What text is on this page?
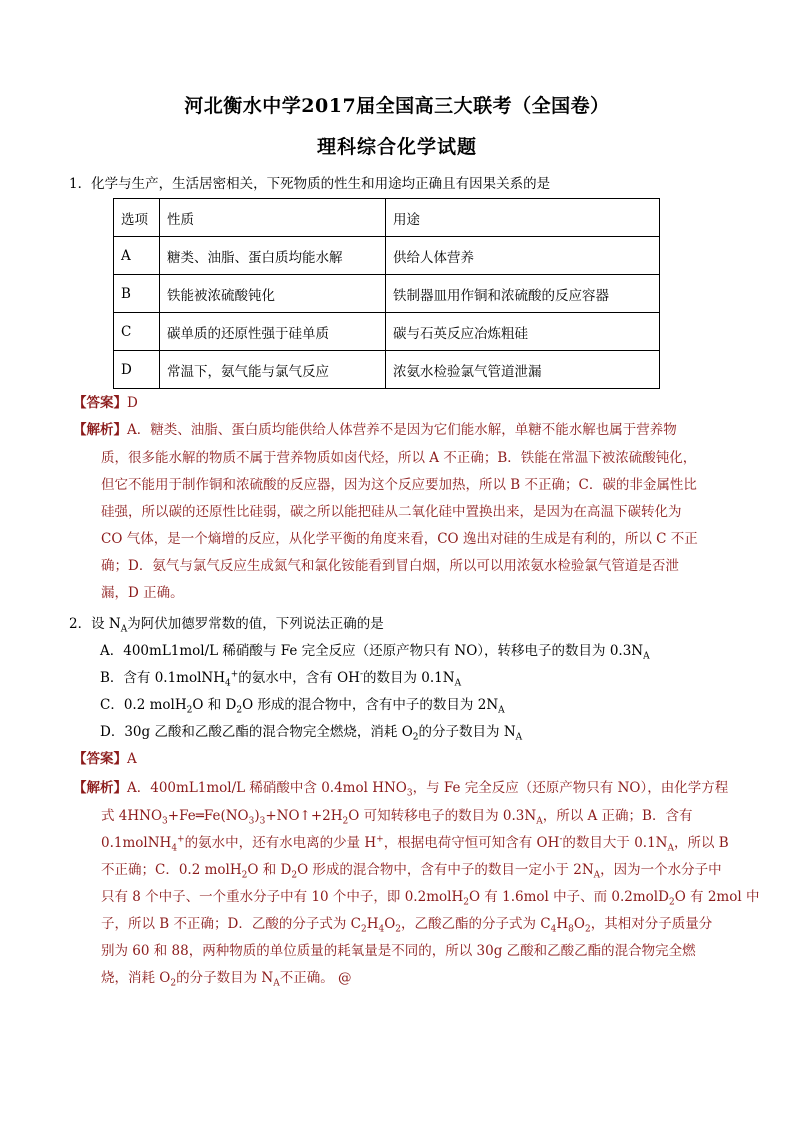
河北衡水中学2017届全国高三大联考（全国卷）
理科综合化学试题
1．化学与生产，生活居密相关，下死物质的性生和用途均正确且有因果关系的是
选项	性质	用途
A	糖类、油脂、蛋白质均能水解	供给人体营养
B	铁能被浓硫酸钝化	铁制器皿用作铜和浓硫酸的反应容器
C	碳单质的还原性强于硅单质	碳与石英反应冶炼粗硅
D	常温下，氨气能与氯气反应	浓氨水检验氯气管道泄漏
【答案】D
【解析】A．糖类、油脂、蛋白质均能供给人体营养不是因为它们能水解，单糖不能水解也属于营养物
质，很多能水解的物质不属于营养物质如卤代烃，所以 A 不正确；B．铁能在常温下被浓硫酸钝化，
但它不能用于制作铜和浓硫酸的反应器，因为这个反应要加热，所以 B 不正确；C．碳的非金属性比
硅强，所以碳的还原性比硅弱，碳之所以能把硅从二氧化硅中置换出来，是因为在高温下碳转化为
CO 气体，是一个熵增的反应，从化学平衡的角度来看，CO 逸出对硅的生成是有利的，所以 C 不正
确；D．氨气与氯气反应生成氮气和氯化铵能看到冒白烟，所以可以用浓氨水检验氯气管道是否泄
漏，D 正确。
2．设 $N_A$为阿伏加德罗常数的值，下列说法正确的是
A．400mL1mol/L 稀硝酸与 Fe 完全反应（还原产物只有 NO），转移电子的数目为 $0.3N_A$
B．含有 0.1molNH$_4$+的氨水中，含有 OH-的数目为 $0.1N_A$
C．0.2 molH$_2$O 和 $D_2O$ 形成的混合物中，含有中子的数目为 $2N_A$
D．30g 乙酸和乙酸乙酯的混合物完全燃烧，消耗 $O_2$的分子数目为 $N_A$
【答案】A
【解析】A．400mL1mol/L 稀硝酸中含 0.4mol $HNO_3$，与 Fe 完全反应（还原产物只有 NO），由化学方程
式 $4HNO_3+Fe═Fe(NO_3)_3+NO↑+2H_2O$ 可知转移电子的数目为 $0.3N_A$，所以 A 正确；B．含有
0.1molNH$_4$+的氨水中，还有水电离的少量 H+，根据电荷守恒可知含有 OH-的数目大于 $0.1N_A$，所以 B
不正确；C．0.2 molH$_2$O 和 $D_2O$ 形成的混合物中，含有中子的数目一定小于 $2N_A$，因为一个水分子中
只有 8 个中子、一个重水分子中有 10 个中子，即 0.2molH$_2$O 有 1.6mol 中子、而 0.2molD$_2$O 有 2mol 中
子，所以 B 不正确；D．乙酸的分子式为 $C_2H_4O_2$，乙酸乙酯的分子式为 $C_4H_8O_2$，其相对分子质量分
别为 60 和 88，两种物质的单位质量的耗氧量是不同的，所以 30g 乙酸和乙酸乙酯的混合物完全燃
烧，消耗 $O_2$的分子数目为 $N_A$不正确。 @
